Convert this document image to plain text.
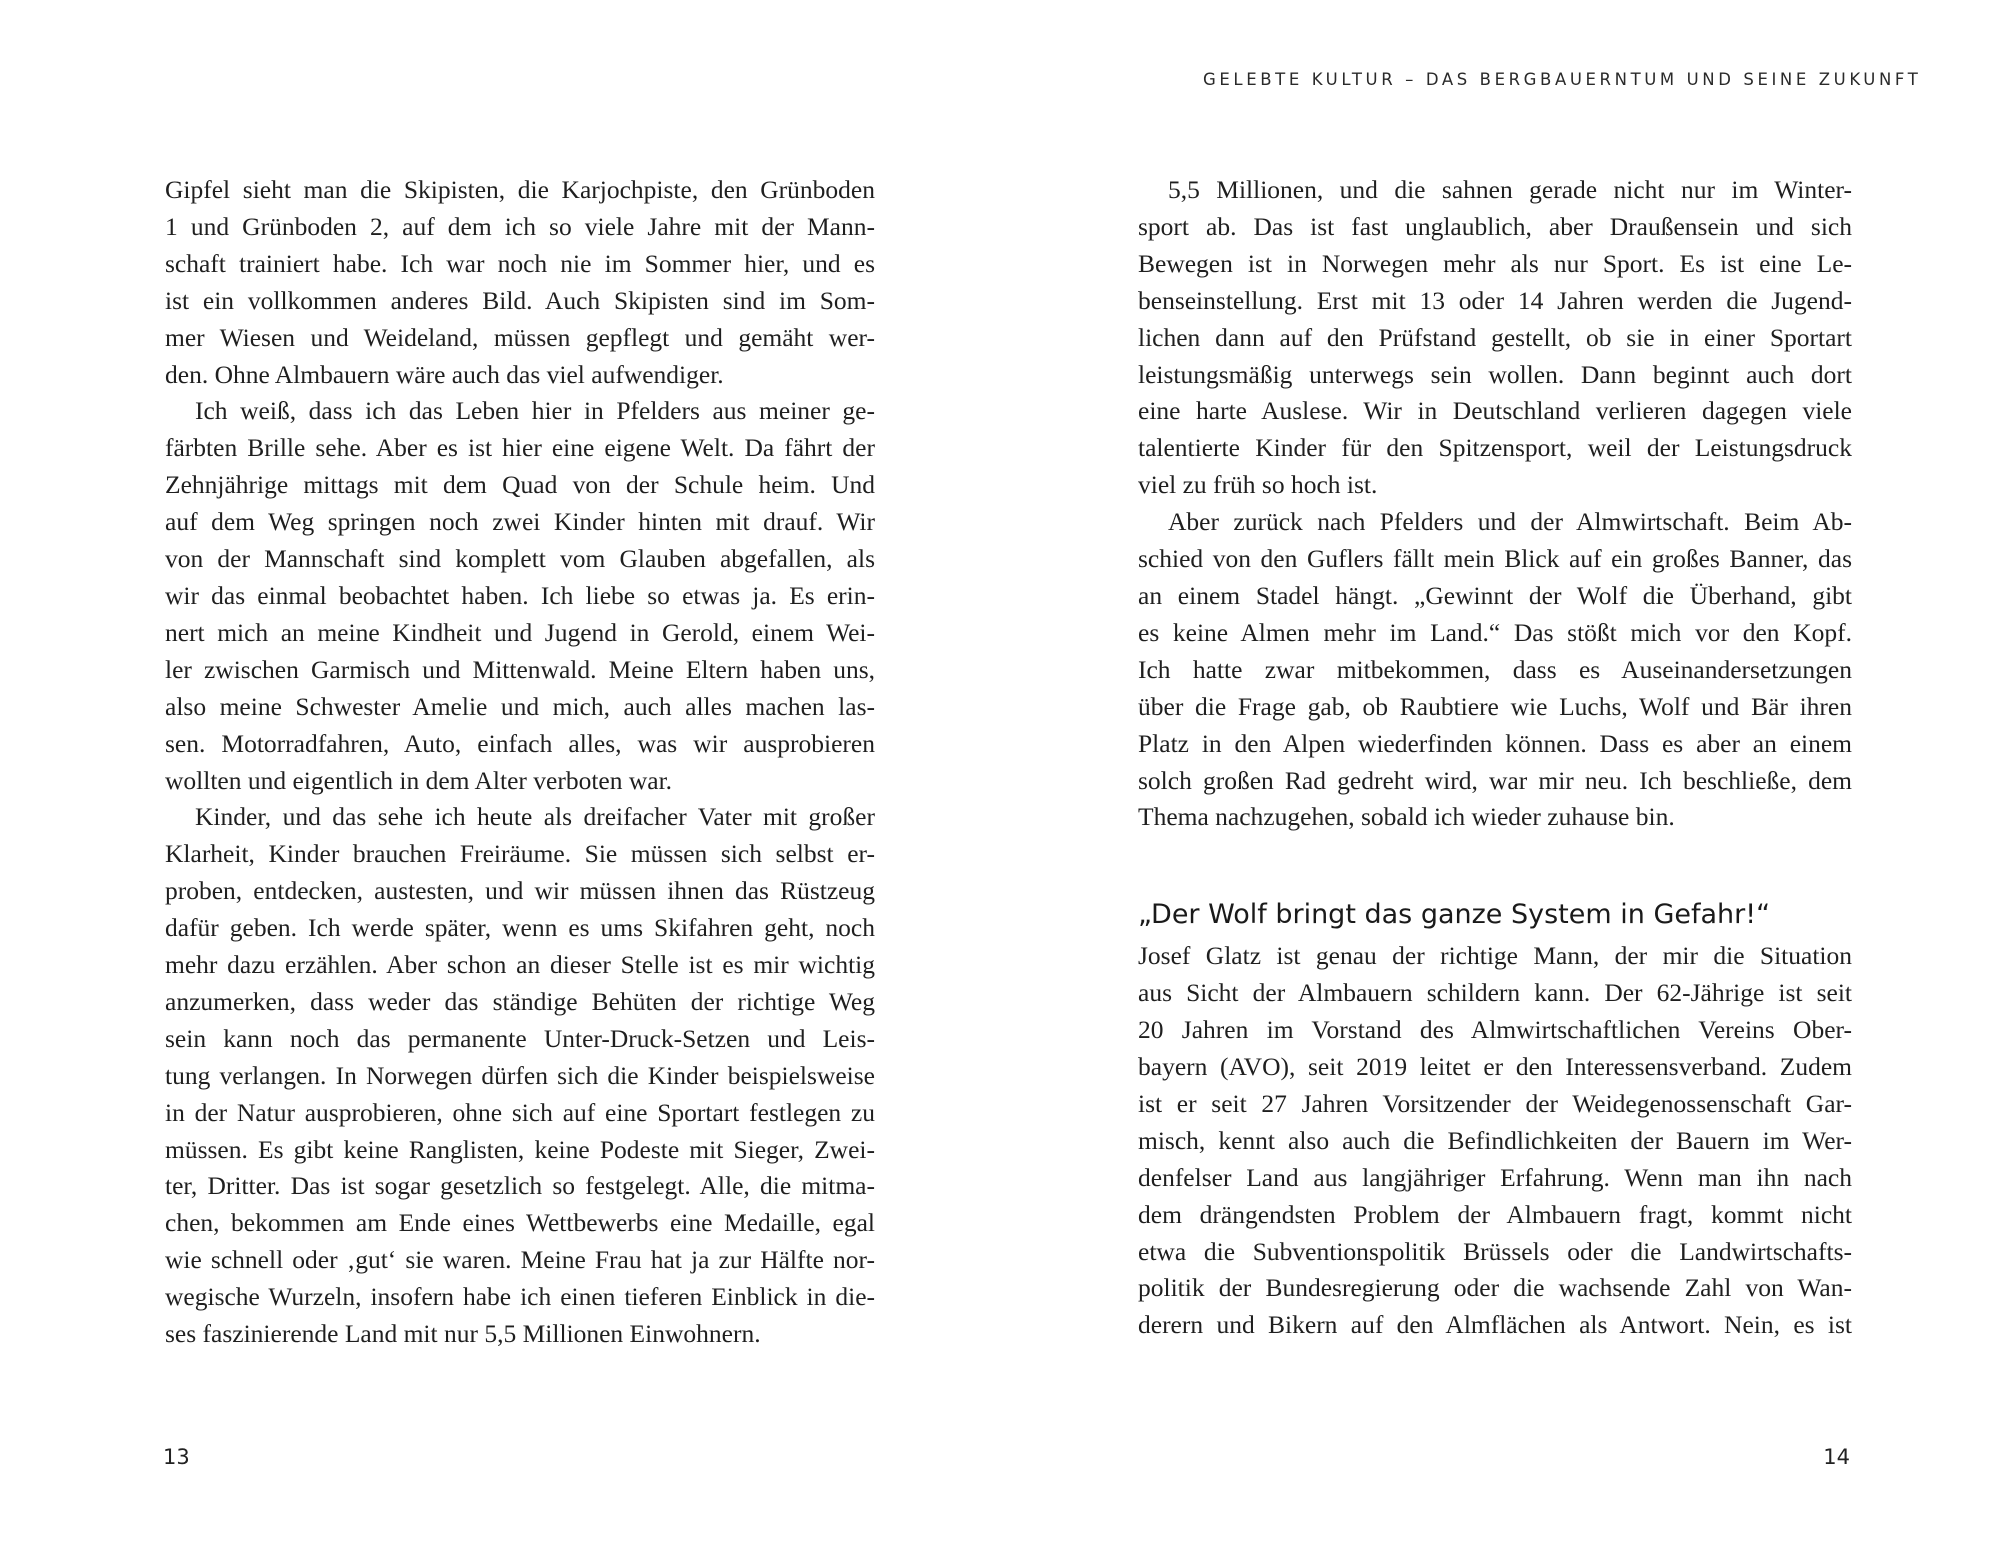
GELEBTE KULTUR – DAS BERGBAUERNTUM UND SEINE ZUKUNFT
Gipfel sieht man die Skipisten, die Karjochpiste, den Grünboden
1 und Grünboden 2, auf dem ich so viele Jahre mit der Mann-
schaft trainiert habe. Ich war noch nie im Sommer hier, und es
ist ein vollkommen anderes Bild. Auch Skipisten sind im Som-
mer Wiesen und Weideland, müssen gepflegt und gemäht wer-
den. Ohne Almbauern wäre auch das viel aufwendiger.
Ich weiß, dass ich das Leben hier in Pfelders aus meiner ge-
färbten Brille sehe. Aber es ist hier eine eigene Welt. Da fährt der
Zehnjährige mittags mit dem Quad von der Schule heim. Und
auf dem Weg springen noch zwei Kinder hinten mit drauf. Wir
von der Mannschaft sind komplett vom Glauben abgefallen, als
wir das einmal beobachtet haben. Ich liebe so etwas ja. Es erin-
nert mich an meine Kindheit und Jugend in Gerold, einem Wei-
ler zwischen Garmisch und Mittenwald. Meine Eltern haben uns,
also meine Schwester Amelie und mich, auch alles machen las-
sen. Motorradfahren, Auto, einfach alles, was wir ausprobieren
wollten und eigentlich in dem Alter verboten war.
Kinder, und das sehe ich heute als dreifacher Vater mit großer
Klarheit, Kinder brauchen Freiräume. Sie müssen sich selbst er-
proben, entdecken, austesten, und wir müssen ihnen das Rüstzeug
dafür geben. Ich werde später, wenn es ums Skifahren geht, noch
mehr dazu erzählen. Aber schon an dieser Stelle ist es mir wichtig
anzumerken, dass weder das ständige Behüten der richtige Weg
sein kann noch das permanente Unter-Druck-Setzen und Leis-
tung verlangen. In Norwegen dürfen sich die Kinder beispielsweise
in der Natur ausprobieren, ohne sich auf eine Sportart festlegen zu
müssen. Es gibt keine Ranglisten, keine Podeste mit Sieger, Zwei-
ter, Dritter. Das ist sogar gesetzlich so festgelegt. Alle, die mitma-
chen, bekommen am Ende eines Wettbewerbs eine Medaille, egal
wie schnell oder ‚gut‘ sie waren. Meine Frau hat ja zur Hälfte nor-
wegische Wurzeln, insofern habe ich einen tieferen Einblick in die-
ses faszinierende Land mit nur 5,5 Millionen Einwohnern.
5,5 Millionen, und die sahnen gerade nicht nur im Winter-
sport ab. Das ist fast unglaublich, aber Draußensein und sich
Bewegen ist in Norwegen mehr als nur Sport. Es ist eine Le-
benseinstellung. Erst mit 13 oder 14 Jahren werden die Jugend-
lichen dann auf den Prüfstand gestellt, ob sie in einer Sportart
leistungsmäßig unterwegs sein wollen. Dann beginnt auch dort
eine harte Auslese. Wir in Deutschland verlieren dagegen viele
talentierte Kinder für den Spitzensport, weil der Leistungsdruck
viel zu früh so hoch ist.
Aber zurück nach Pfelders und der Almwirtschaft. Beim Ab-
schied von den Guflers fällt mein Blick auf ein großes Banner, das
an einem Stadel hängt. „Gewinnt der Wolf die Überhand, gibt
es keine Almen mehr im Land.“ Das stößt mich vor den Kopf.
Ich hatte zwar mitbekommen, dass es Auseinandersetzungen
über die Frage gab, ob Raubtiere wie Luchs, Wolf und Bär ihren
Platz in den Alpen wiederfinden können. Dass es aber an einem
solch großen Rad gedreht wird, war mir neu. Ich beschließe, dem
Thema nachzugehen, sobald ich wieder zuhause bin.
„Der Wolf bringt das ganze System in Gefahr!“
Josef Glatz ist genau der richtige Mann, der mir die Situation
aus Sicht der Almbauern schildern kann. Der 62-Jährige ist seit
20 Jahren im Vorstand des Almwirtschaftlichen Vereins Ober-
bayern (AVO), seit 2019 leitet er den Interessensverband. Zudem
ist er seit 27 Jahren Vorsitzender der Weidegenossenschaft Gar-
misch, kennt also auch die Befindlichkeiten der Bauern im Wer-
denfelser Land aus langjähriger Erfahrung. Wenn man ihn nach
dem drängendsten Problem der Almbauern fragt, kommt nicht
etwa die Subventionspolitik Brüssels oder die Landwirtschafts-
politik der Bundesregierung oder die wachsende Zahl von Wan-
derern und Bikern auf den Almflächen als Antwort. Nein, es ist
13	14
